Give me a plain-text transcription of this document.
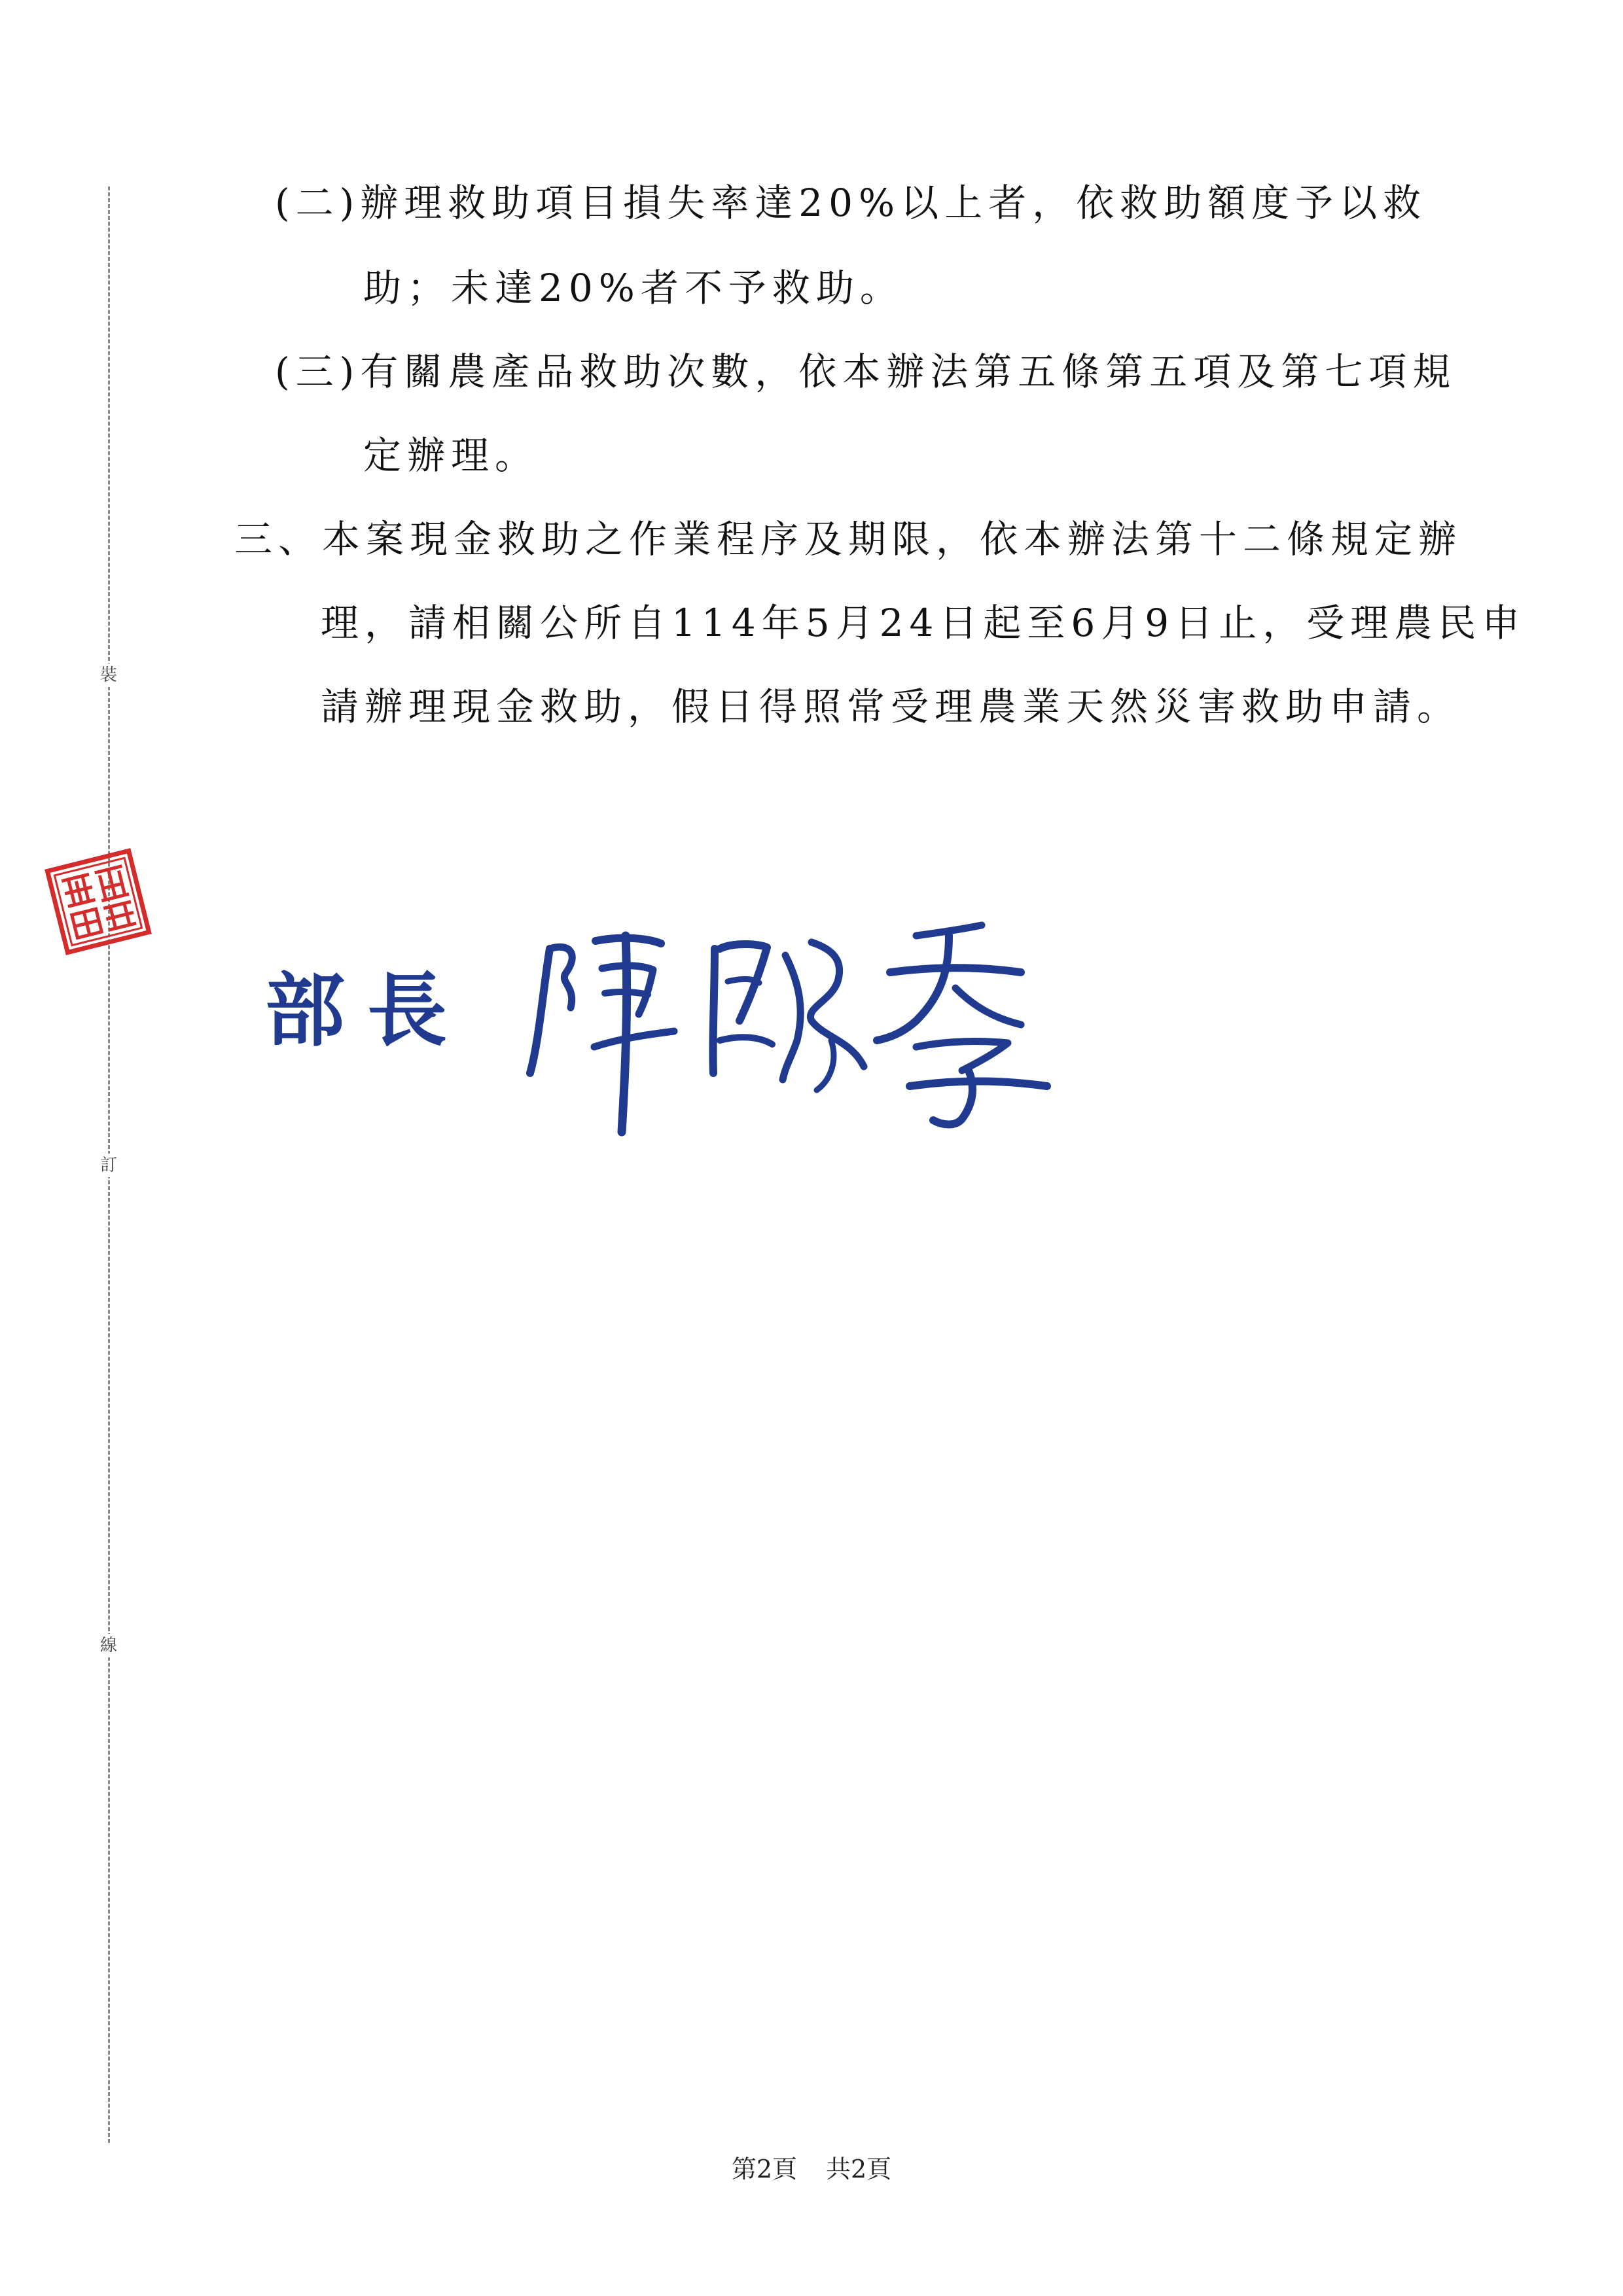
裝
訂
線
(二)辦理救助項目損失率達20%以上者，依救助額度予以救
助；未達20%者不予救助。
(三)有關農產品救助次數，依本辦法第五條第五項及第七項規
定辦理。
三、本案現金救助之作業程序及期限，依本辦法第十二條規定辦
理，請相關公所自114年5月24日起至6月9日止，受理農民申
請辦理現金救助，假日得照常受理農業天然災害救助申請。
部長
第2頁 共2頁
